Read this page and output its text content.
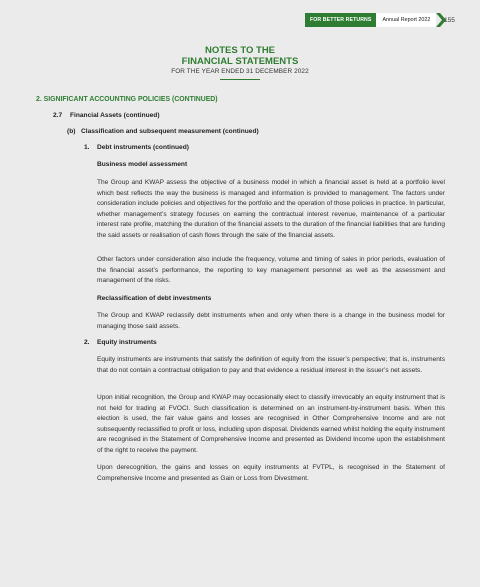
FOR BETTER RETURNS	Annual Report 2022	155
NOTES TO THE
FINANCIAL STATEMENTS
FOR THE YEAR ENDED 31 DECEMBER 2022
2. SIGNIFICANT ACCOUNTING POLICIES (CONTINUED)
2.7 Financial Assets (continued)
(b) Classification and subsequent measurement (continued)
1. Debt instruments (continued)
Business model assessment

The Group and KWAP assess the objective of a business model in which a financial asset is held at a portfolio level which best reflects the way the business is managed and information is provided to management. The factors under consideration include policies and objectives for the portfolio and the operation of those policies in practice. In particular, whether management’s strategy focuses on earning the contractual interest revenue, maintenance of a particular interest rate profile, matching the duration of the financial assets to the duration of the financial liabilities that are funding the said assets or realisation of cash flows through the sale of the financial assets.

Other factors under consideration also include the frequency, volume and timing of sales in prior periods, evaluation of the financial asset’s performance, the reporting to key management personnel as well as the assessment and management of the risks.

Reclassification of debt investments

The Group and KWAP reclassify debt instruments when and only when there is a change in the business model for managing those said assets.

2. Equity instruments

Equity instruments are instruments that satisfy the definition of equity from the issuer’s perspective; that is, instruments that do not contain a contractual obligation to pay and that evidence a residual interest in the issuer’s net assets.

Upon initial recognition, the Group and KWAP may occasionally elect to classify irrevocably an equity instrument that is not held for trading at FVOCI. Such classification is determined on an instrument-by-instrument basis. When this election is used, the fair value gains and losses are recognised in Other Comprehensive Income and are not subsequently reclassified to profit or loss, including upon disposal. Dividends earned whilst holding the equity instrument are recognised in the Statement of Comprehensive Income and presented as Dividend Income upon the establishment of the right to receive the payment.

Upon derecognition, the gains and losses on equity instruments at FVTPL, is recognised in the Statement of Comprehensive Income and presented as Gain or Loss from Divestment.
